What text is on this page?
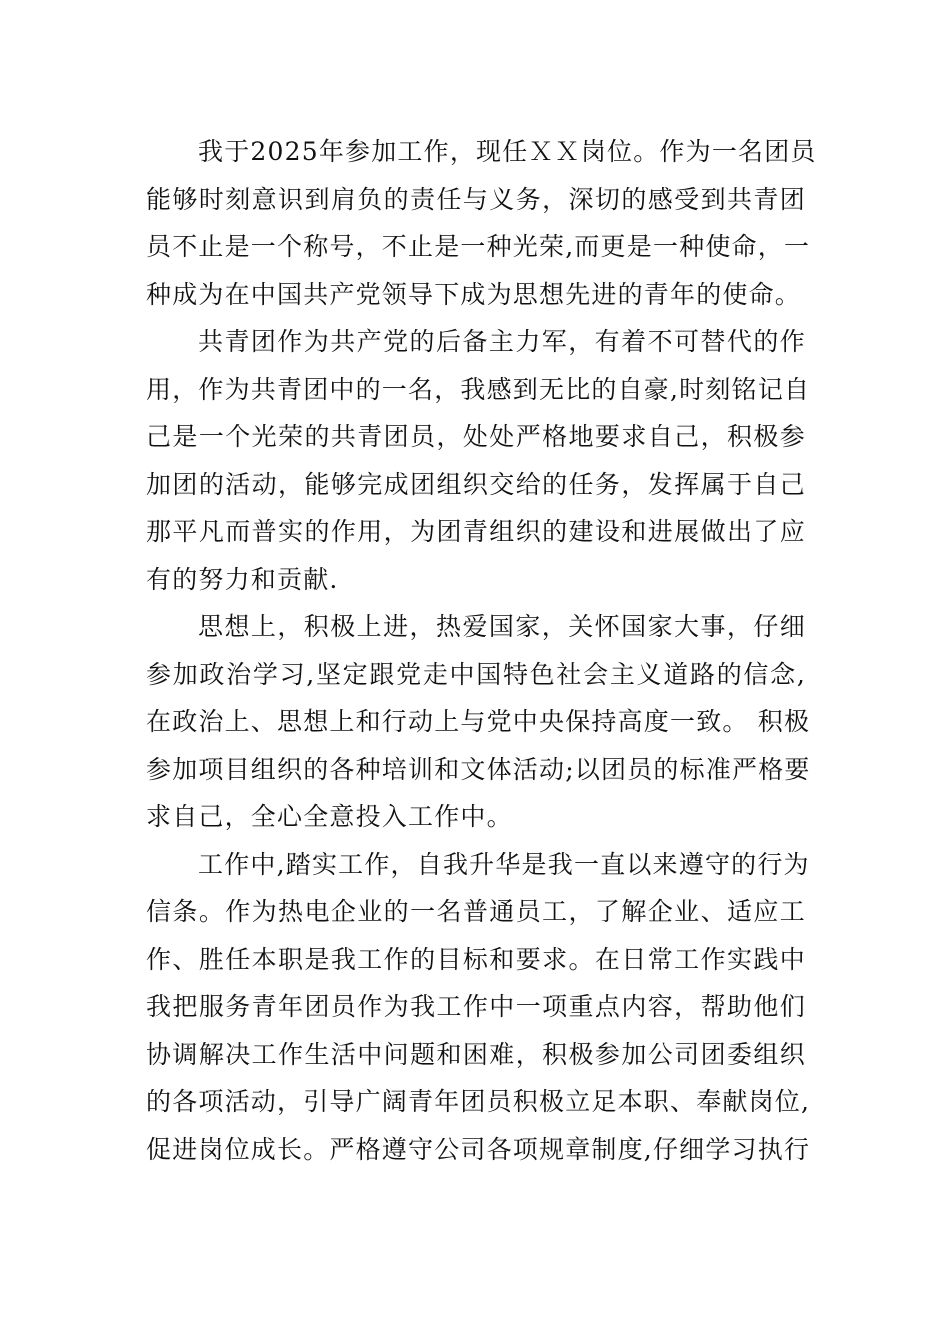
我于2025年参加工作，现任ＸＸ岗位。作为一名团员
能够时刻意识到肩负的责任与义务，深切的感受到共青团
员不止是一个称号，不止是一种光荣,而更是一种使命，一
种成为在中国共产党领导下成为思想先进的青年的使命。
共青团作为共产党的后备主力军，有着不可替代的作
用，作为共青团中的一名，我感到无比的自豪,时刻铭记自
己是一个光荣的共青团员，处处严格地要求自己，积极参
加团的活动，能够完成团组织交给的任务，发挥属于自己
那平凡而普实的作用，为团青组织的建设和进展做出了应
有的努力和贡献.
思想上，积极上进，热爱国家，关怀国家大事，仔细
参加政治学习,坚定跟党走中国特色社会主义道路的信念,
在政治上、思想上和行动上与党中央保持高度一致。 积极
参加项目组织的各种培训和文体活动;以团员的标准严格要
求自己，全心全意投入工作中。
工作中,踏实工作，自我升华是我一直以来遵守的行为
信条。作为热电企业的一名普通员工，了解企业、适应工
作、胜任本职是我工作的目标和要求。在日常工作实践中
我把服务青年团员作为我工作中一项重点内容，帮助他们
协调解决工作生活中问题和困难，积极参加公司团委组织
的各项活动，引导广阔青年团员积极立足本职、奉献岗位,
促进岗位成长。严格遵守公司各项规章制度,仔细学习执行
